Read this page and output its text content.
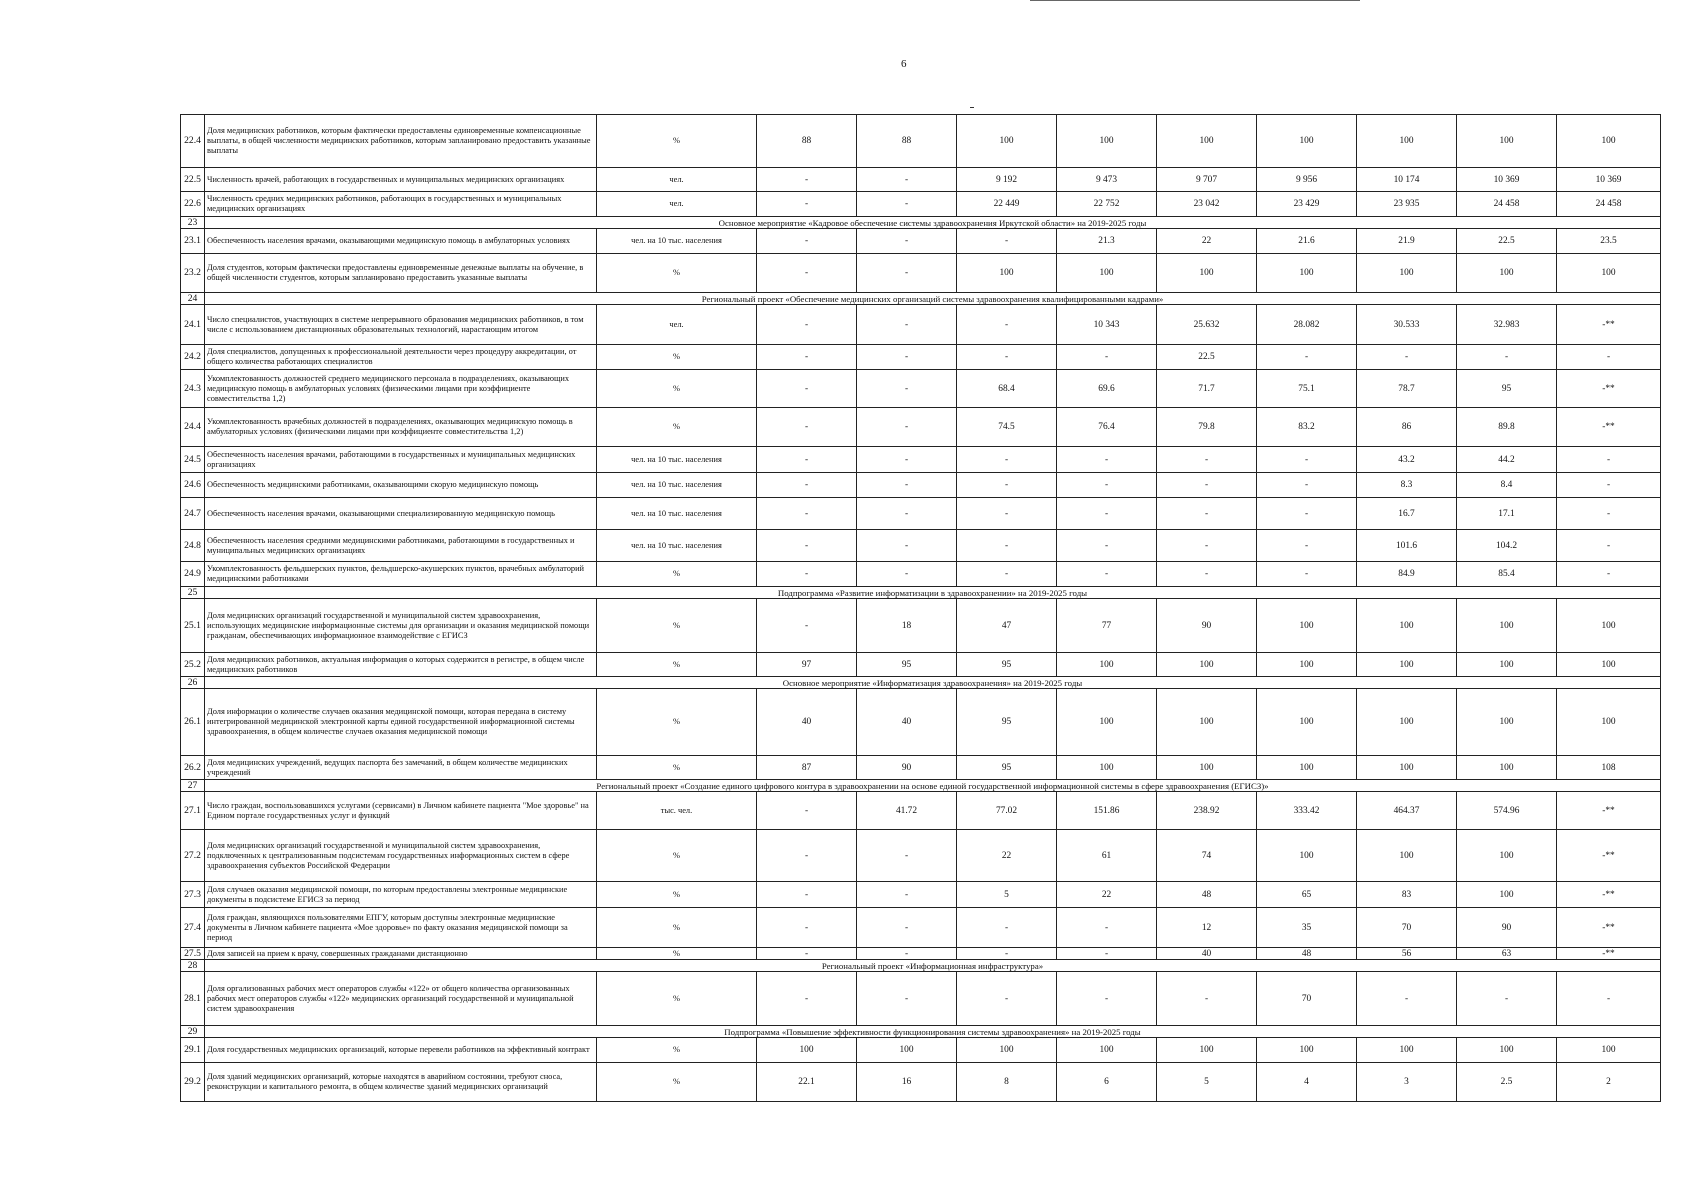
6
22.4	Доля медицинских работников, которым фактически предоставлены единовременные компенсационные выплаты, в общей численности медицинских работников, которым запланировано предоставить указанные выплаты	%	88	88	100	100	100	100	100	100	100
22.5	Численность врачей, работающих в государственных и муниципальных медицинских организациях	чел.	-	-	9 192	9 473	9 707	9 956	10 174	10 369	10 369
22.6	Численность средних медицинских работников, работающих в государственных и муниципальных медицинских организациях	чел.	-	-	22 449	22 752	23 042	23 429	23 935	24 458	24 458
23	Основное мероприятие «Кадровое обеспечение системы здравоохранения Иркутской области» на 2019-2025 годы										
23.1	Обеспеченность населения врачами, оказывающими медицинскую помощь в амбулаторных условиях	чел. на 10 тыс. населения	-	-	-	21.3	22	21.6	21.9	22.5	23.5
23.2	Доля студентов, которым фактически предоставлены единовременные денежные выплаты на обучение, в общей численности студентов, которым запланировано предоставить указанные выплаты	%	-	-	100	100	100	100	100	100	100
24	Региональный проект «Обеспечение медицинских организаций системы здравоохранения квалифицированными кадрами»										
24.1	Число специалистов, участвующих в системе непрерывного образования медицинских работников, в том числе с использованием дистанционных образовательных технологий, нарастающим итогом	чел.	-	-	-	10 343	25.632	28.082	30.533	32.983	-**
24.2	Доля специалистов, допущенных к профессиональной деятельности через процедуру аккредитации, от общего количества работающих специалистов	%	-	-	-	-	22.5	-	-	-	-
24.3	Укомплектованность должностей среднего медицинского персонала в подразделениях, оказывающих медицинскую помощь в амбулаторных условиях (физическими лицами при коэффициенте совместительства 1,2)	%	-	-	68.4	69.6	71.7	75.1	78.7	95	-**
24.4	Укомплектованность врачебных должностей в подразделениях, оказывающих медицинскую помощь в амбулаторных условиях (физическими лицами при коэффициенте совместительства 1,2)	%	-	-	74.5	76.4	79.8	83.2	86	89.8	-**
24.5	Обеспеченность населения врачами, работающими в государственных и муниципальных медицинских организациях	чел. на 10 тыс. населения	-	-	-	-	-	-	43.2	44.2	-
24.6	Обеспеченность медицинскими работниками, оказывающими скорую медицинскую помощь	чел. на 10 тыс. населения	-	-	-	-	-	-	8.3	8.4	-
24.7	Обеспеченность населения врачами, оказывающими специализированную медицинскую помощь	чел. на 10 тыс. населения	-	-	-	-	-	-	16.7	17.1	-
24.8	Обеспеченность населения средними медицинскими работниками, работающими в государственных и муниципальных медицинских организациях	чел. на 10 тыс. населения	-	-	-	-	-	-	101.6	104.2	-
24.9	Укомплектованность фельдшерских пунктов, фельдшерско-акушерских пунктов, врачебных амбулаторий медицинскими работниками	%	-	-	-	-	-	-	84.9	85.4	-
25	Подпрограмма «Развитие информатизации в здравоохранении» на 2019-2025 годы										
25.1	Доля медицинских организаций государственной и муниципальной систем здравоохранения, использующих медицинские информационные системы для организации и оказания медицинской помощи гражданам, обеспечивающих информационное взаимодействие с ЕГИСЗ	%	-	18	47	77	90	100	100	100	100
25.2	Доля медицинских работников, актуальная информация о которых содержится в регистре, в общем числе медицинских работников	%	97	95	95	100	100	100	100	100	100
26	Основное мероприятие «Информатизация здравоохранения» на 2019-2025 годы										
26.1	Доля информации о количестве случаев оказания медицинской помощи, которая передана в систему интегрированной медицинской электронной карты единой государственной информационной системы здравоохранения, в общем количестве случаев оказания медицинской помощи	%	40	40	95	100	100	100	100	100	100
26.2	Доля медицинских учреждений, ведущих паспорта без замечаний, в общем количестве медицинских учреждений	%	87	90	95	100	100	100	100	100	108
27	Региональный проект «Создание единого цифрового контура в здравоохранении на основе единой государственной информационной системы в сфере здравоохранения (ЕГИСЗ)»										
27.1	Число граждан, воспользовавшихся услугами (сервисами) в Личном кабинете пациента "Мое здоровье" на Едином портале государственных услуг и функций	тыс. чел.	-	41.72	77.02	151.86	238.92	333.42	464.37	574.96	-**
27.2	Доля медицинских организаций государственной и муниципальной систем здравоохранения, подключенных к централизованным подсистемам государственных информационных систем в сфере здравоохранения субъектов Российской Федерации	%	-	-	22	61	74	100	100	100	-**
27.3	Доля случаев оказания медицинской помощи, по которым предоставлены электронные медицинские документы в подсистеме ЕГИСЗ за период	%	-	-	5	22	48	65	83	100	-**
27.4	Доля граждан, являющихся пользователями ЕПГУ, которым доступны электронные медицинские документы в Личном кабинете пациента «Мое здоровье» по факту оказания медицинской помощи за период	%	-	-	-	-	12	35	70	90	-**
27.5	Доля записей на прием к врачу, совершенных гражданами дистанционно	%	-	-	-	-	40	48	56	63	-**
28	Региональный проект «Информационная инфраструктура»										
28.1	Доля оргализованных рабочих мест операторов службы «122» от общего количества организованных рабочих мест операторов службы «122» медицинских организаций государственной и муниципальной систем здравоохранения	%	-	-	-	-	-	70	-	-	-
29	Подпрограмма «Повышение эффективности функционирования системы здравоохранения» на 2019-2025 годы										
29.1	Доля государственных медицинских организаций, которые перевели работников на эффективный контракт	%	100	100	100	100	100	100	100	100	100
29.2	Доля зданий медицинских организаций, которые находятся в аварийном состоянии, требуют сноса, реконструкции и капитального ремонта, в общем количестве зданий медицинских организаций	%	22.1	16	8	6	5	4	3	2.5	2
